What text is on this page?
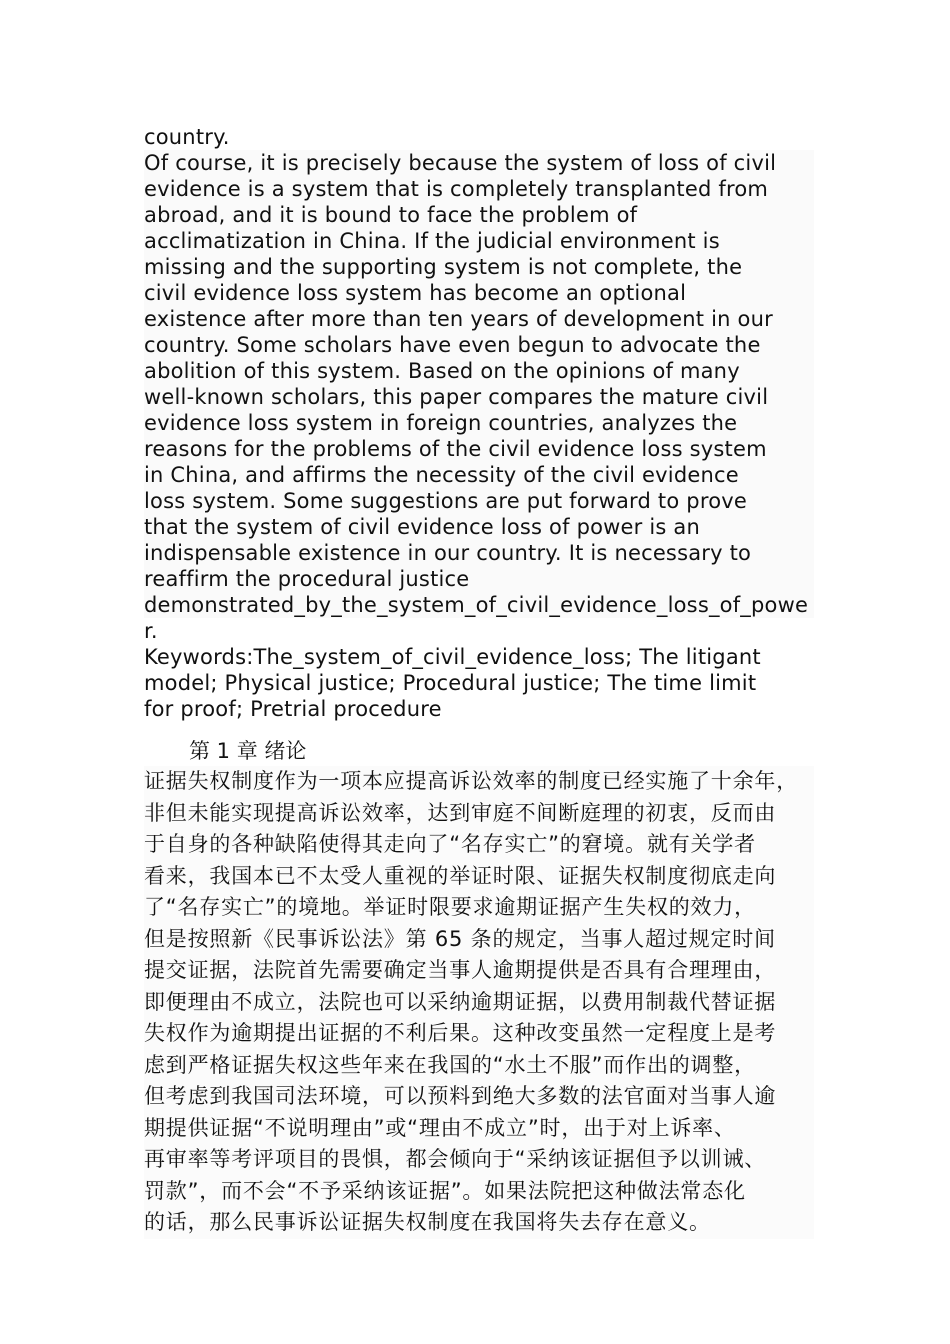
country.
Of course, it is precisely because the system of loss of civil
evidence is a system that is completely transplanted from
abroad, and it is bound to face the problem of
acclimatization in China. If the judicial environment is
missing and the supporting system is not complete, the
civil evidence loss system has become an optional
existence after more than ten years of development in our
country. Some scholars have even begun to advocate the
abolition of this system. Based on the opinions of many
well-known scholars, this paper compares the mature civil
evidence loss system in foreign countries, analyzes the
reasons for the problems of the civil evidence loss system
in China, and affirms the necessity of the civil evidence
loss system. Some suggestions are put forward to prove
that the system of civil evidence loss of power is an
indispensable existence in our country. It is necessary to
reaffirm the procedural justice
demonstrated_by_the_system_of_civil_evidence_loss_of_powe
r.
Keywords:The_system_of_civil_evidence_loss; The litigant
model; Physical justice; Procedural justice; The time limit
for proof; Pretrial procedure
第 1 章 绪论
证据失权制度作为一项本应提高诉讼效率的制度已经实施了十余年，
非但未能实现提高诉讼效率，达到审庭不间断庭理的初衷，反而由
于自身的各种缺陷使得其走向了“名存实亡”的窘境。就有关学者
看来，我国本已不太受人重视的举证时限、证据失权制度彻底走向
了“名存实亡”的境地。举证时限要求逾期证据产生失权的效力，
但是按照新《民事诉讼法》第 65 条的规定，当事人超过规定时间
提交证据，法院首先需要确定当事人逾期提供是否具有合理理由，
即便理由不成立，法院也可以采纳逾期证据，以费用制裁代替证据
失权作为逾期提出证据的不利后果。这种改变虽然一定程度上是考
虑到严格证据失权这些年来在我国的“水土不服”而作出的调整，
但考虑到我国司法环境，可以预料到绝大多数的法官面对当事人逾
期提供证据“不说明理由”或“理由不成立”时，出于对上诉率、
再审率等考评项目的畏惧，都会倾向于“采纳该证据但予以训诫、
罚款”，而不会“不予采纳该证据”。如果法院把这种做法常态化
的话，那么民事诉讼证据失权制度在我国将失去存在意义。
